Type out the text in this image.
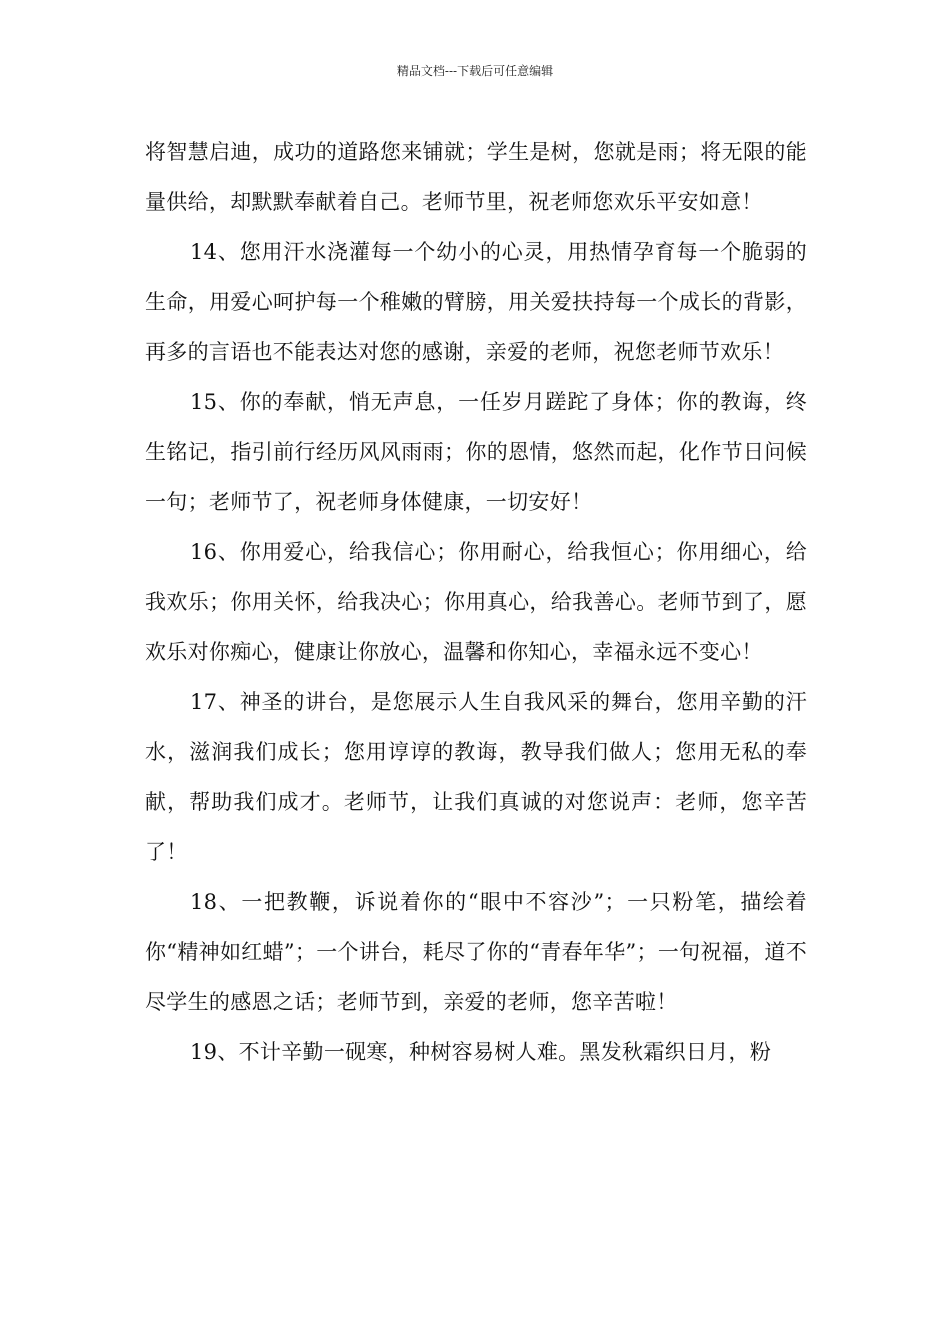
精品文档---下载后可任意编辑

将智慧启迪，成功的道路您来铺就；学生是树，您就是雨；将无限的能量供给，却默默奉献着自己。老师节里，祝老师您欢乐平安如意！

14、您用汗水浇灌每一个幼小的心灵，用热情孕育每一个脆弱的生命，用爱心呵护每一个稚嫩的臂膀，用关爱扶持每一个成长的背影，再多的言语也不能表达对您的感谢，亲爱的老师，祝您老师节欢乐！

15、你的奉献，悄无声息，一任岁月蹉跎了身体；你的教诲，终生铭记，指引前行经历风风雨雨；你的恩情，悠然而起，化作节日问候一句；老师节了，祝老师身体健康，一切安好！

16、你用爱心，给我信心；你用耐心，给我恒心；你用细心，给我欢乐；你用关怀，给我决心；你用真心，给我善心。老师节到了，愿欢乐对你痴心，健康让你放心，温馨和你知心，幸福永远不变心！

17、神圣的讲台，是您展示人生自我风采的舞台，您用辛勤的汗水，滋润我们成长；您用谆谆的教诲，教导我们做人；您用无私的奉献，帮助我们成才。老师节，让我们真诚的对您说声：老师，您辛苦了！

18、一把教鞭，诉说着你的“眼中不容沙”；一只粉笔，描绘着你“精神如红蜡”；一个讲台，耗尽了你的“青春年华”；一句祝福，道不尽学生的感恩之话；老师节到，亲爱的老师，您辛苦啦！

19、不计辛勤一砚寒，种树容易树人难。黑发秋霜织日月，粉
